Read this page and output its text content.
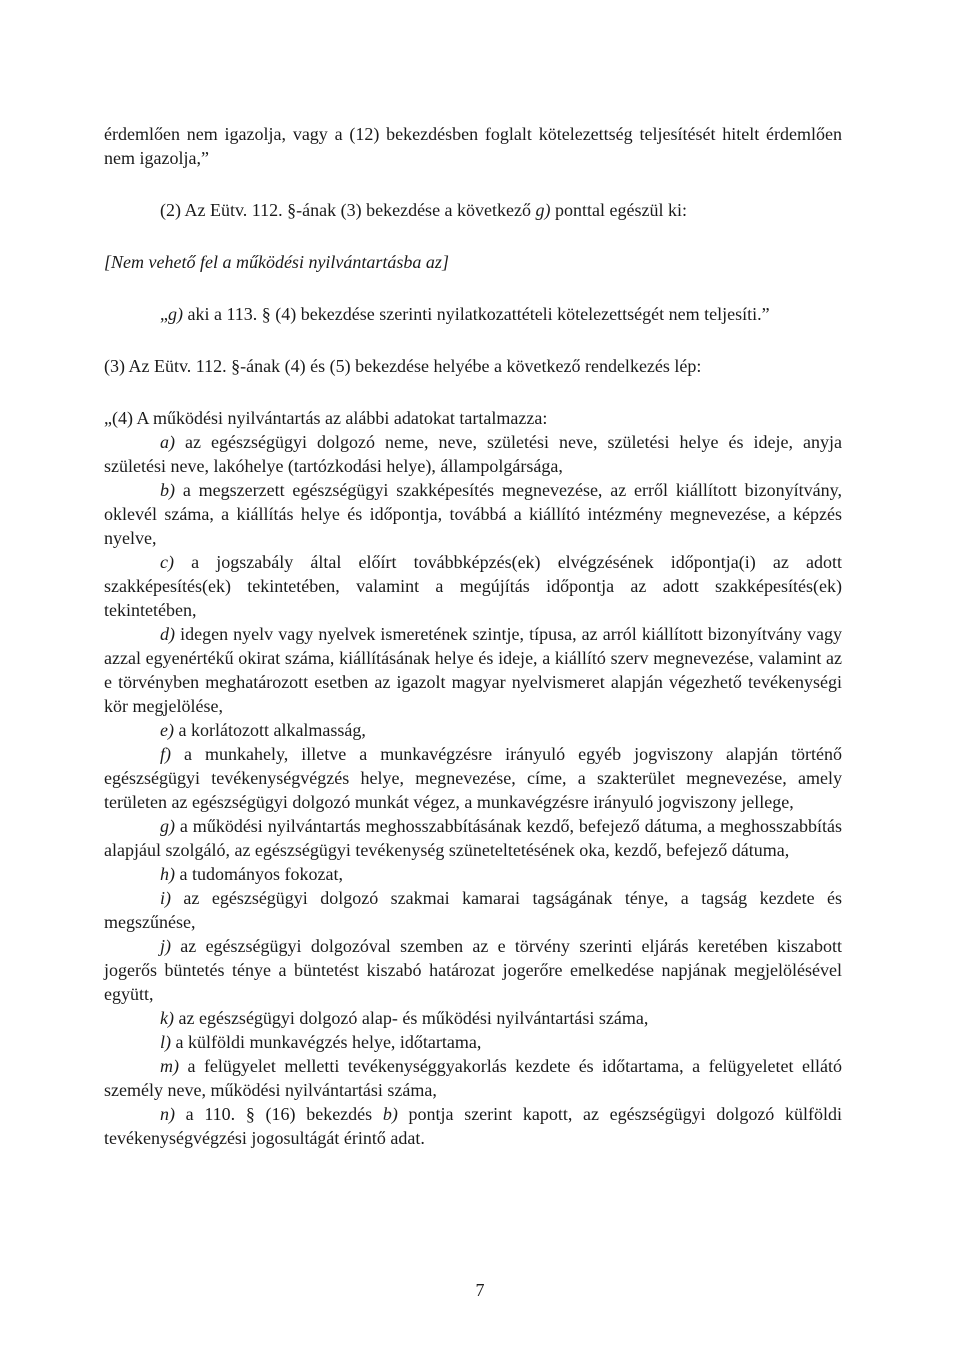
érdemlően nem igazolja, vagy a (12) bekezdésben foglalt kötelezettség teljesítését hitelt érdemlően nem igazolja,”

(2) Az Eütv. 112. §-ának (3) bekezdése a következő g) ponttal egészül ki:

[Nem vehető fel a működési nyilvántartásba az]

„g) aki a 113. § (4) bekezdése szerinti nyilatkozattételi kötelezettségét nem teljesíti.”

(3) Az Eütv. 112. §-ának (4) és (5) bekezdése helyébe a következő rendelkezés lép:

„(4) A működési nyilvántartás az alábbi adatokat tartalmazza:

a) az egészségügyi dolgozó neme, neve, születési neve, születési helye és ideje, anyja születési neve, lakóhelye (tartózkodási helye), állampolgársága,

b) a megszerzett egészségügyi szakképesítés megnevezése, az erről kiállított bizonyítvány, oklevél száma, a kiállítás helye és időpontja, továbbá a kiállító intézmény megnevezése, a képzés nyelve,

c) a jogszabály által előírt továbbképzés(ek) elvégzésének időpontja(i) az adott szakképesítés(ek) tekintetében, valamint a megújítás időpontja az adott szakképesítés(ek) tekintetében,

d) idegen nyelv vagy nyelvek ismeretének szintje, típusa, az arról kiállított bizonyítvány vagy azzal egyenértékű okirat száma, kiállításának helye és ideje, a kiállító szerv megnevezése, valamint az e törvényben meghatározott esetben az igazolt magyar nyelvismeret alapján végezhető tevékenységi kör megjelölése,

e) a korlátozott alkalmasság,

f) a munkahely, illetve a munkavégzésre irányuló egyéb jogviszony alapján történő egészségügyi tevékenységvégzés helye, megnevezése, címe, a szakterület megnevezése, amely területen az egészségügyi dolgozó munkát végez, a munkavégzésre irányuló jogviszony jellege,

g) a működési nyilvántartás meghosszabbításának kezdő, befejező dátuma, a meghosszabbítás alapjául szolgáló, az egészségügyi tevékenység szüneteltetésének oka, kezdő, befejező dátuma,

h) a tudományos fokozat,

i) az egészségügyi dolgozó szakmai kamarai tagságának ténye, a tagság kezdete és megszűnése,

j) az egészségügyi dolgozóval szemben az e törvény szerinti eljárás keretében kiszabott jogerős büntetés ténye a büntetést kiszabó határozat jogerőre emelkedése napjának megjelölésével együtt,

k) az egészségügyi dolgozó alap- és működési nyilvántartási száma,

l) a külföldi munkavégzés helye, időtartama,

m) a felügyelet melletti tevékenységgyakorlás kezdete és időtartama, a felügyeletet ellátó személy neve, működési nyilvántartási száma,

n) a 110. § (16) bekezdés b) pontja szerint kapott, az egészségügyi dolgozó külföldi tevékenységvégzési jogosultágát érintő adat.

7
